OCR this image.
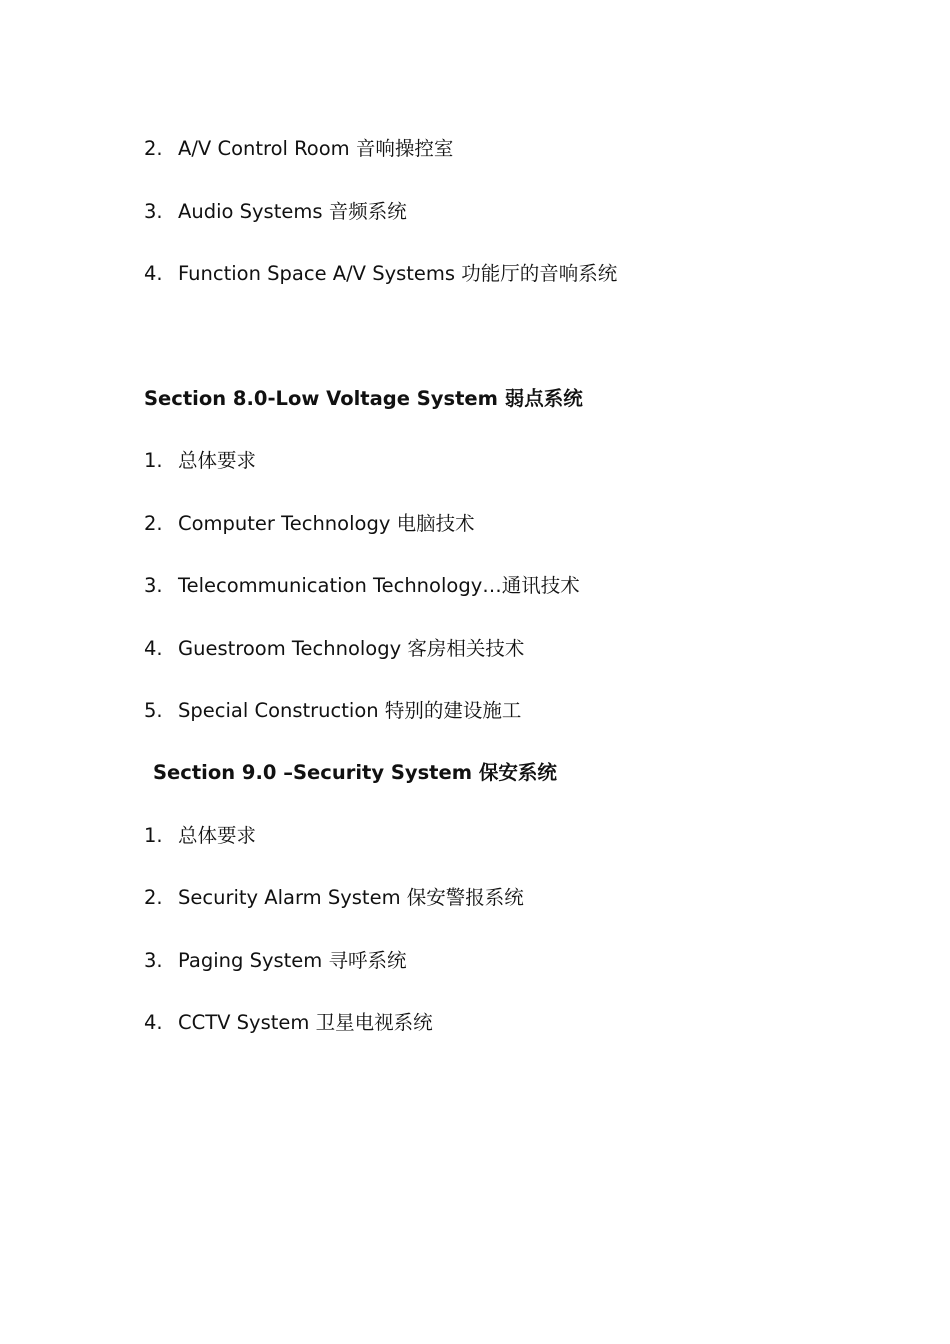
2. A/V Control Room 音响操控室
3. Audio Systems 音频系统
4. Function Space A/V Systems 功能厅的音响系统
Section 8.0-Low Voltage System 弱点系统
1. 总体要求
2. Computer Technology 电脑技术
3. Telecommunication Technology…通讯技术
4. Guestroom Technology 客房相关技术
5. Special Construction 特别的建设施工
Section 9.0 –Security System 保安系统
1. 总体要求
2. Security Alarm System 保安警报系统
3. Paging System 寻呼系统
4. CCTV System 卫星电视系统
